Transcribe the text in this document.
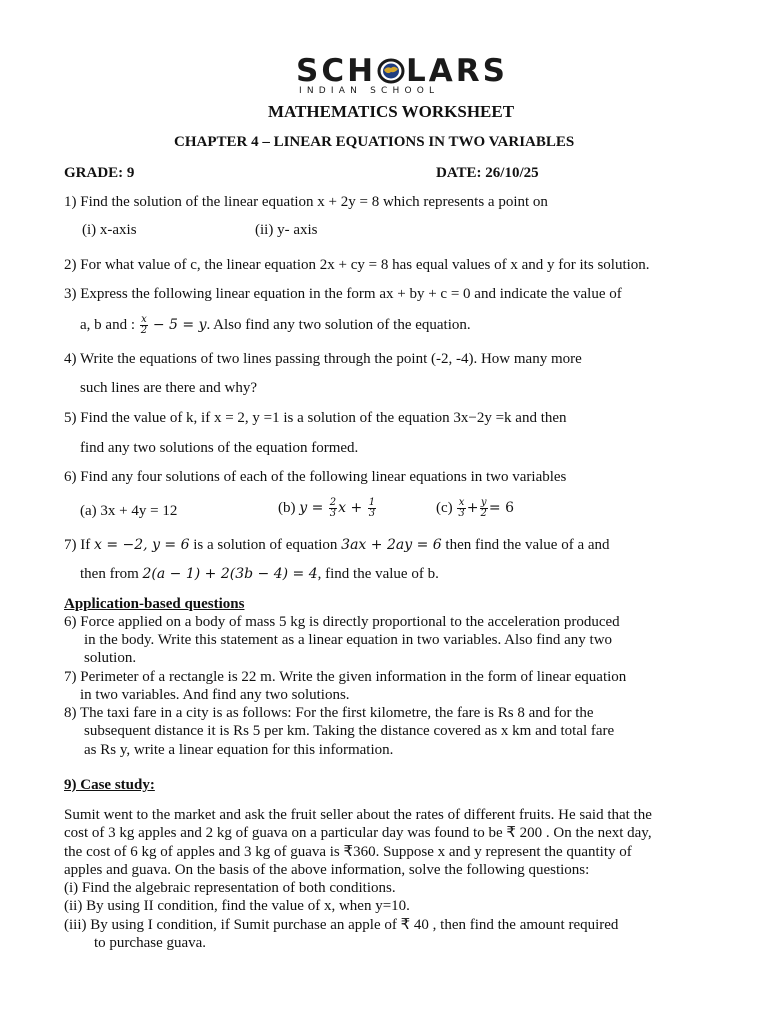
SCH LARS
INDIAN SCHOOL
MATHEMATICS WORKSHEET
CHAPTER 4 – LINEAR EQUATIONS IN TWO VARIABLES
GRADE: 9	DATE: 26/10/25
1) Find the solution of the linear equation x + 2y = 8 which represents a point on
(i) x-axis	(ii) y- axis
2) For what value of c, the linear equation 2x + cy = 8 has equal values of x and y for its solution.
3) Express the following linear equation in the form ax + by + c = 0 and indicate the value of
a, b and : $\frac{x}{2} - 5 = y$. Also find any two solution of the equation.
4) Write the equations of two lines passing through the point (-2, -4). How many more
such lines are there and why?
5) Find the value of k, if x = 2, y =1 is a solution of the equation 3x−2y =k and then
find any two solutions of the equation formed.
6) Find any four solutions of each of the following linear equations in two variables
(a) 3x + 4y = 12	(b) $y = \frac{2}{3}$ $x + \frac{1}{3}$	$(c) \frac{x}{3} + \frac{y}{2} = 6$
7) If x = −2, y = 6 is a solution of equation 3ax + 2ay = 6 then find the value of a and
then from 2(a − 1) + 2(3b − 4) = 4, find the value of b.
Application-based questions
6) Force applied on a body of mass 5 kg is directly proportional to the acceleration produced
in the body. Write this statement as a linear equation in two variables. Also find any two
solution.
7) Perimeter of a rectangle is 22 m. Write the given information in the form of linear equation
in two variables. And find any two solutions.
8) The taxi fare in a city is as follows: For the first kilometre, the fare is Rs 8 and for the
subsequent distance it is Rs 5 per km. Taking the distance covered as x km and total fare
as Rs y, write a linear equation for this information.
9) Case study:
Sumit went to the market and ask the fruit seller about the rates of different fruits. He said that the
cost of 3 kg apples and 2 kg of guava on a particular day was found to be ₹ 200 . On the next day,
the cost of 6 kg of apples and 3 kg of guava is ₹360. Suppose x and y represent the quantity of
apples and guava. On the basis of the above information, solve the following questions:
(i) Find the algebraic representation of both conditions.
(ii) By using II condition, find the value of x, when y=10.
(iii) By using I condition, if Sumit purchase an apple of ₹ 40 , then find the amount required
to purchase guava.
